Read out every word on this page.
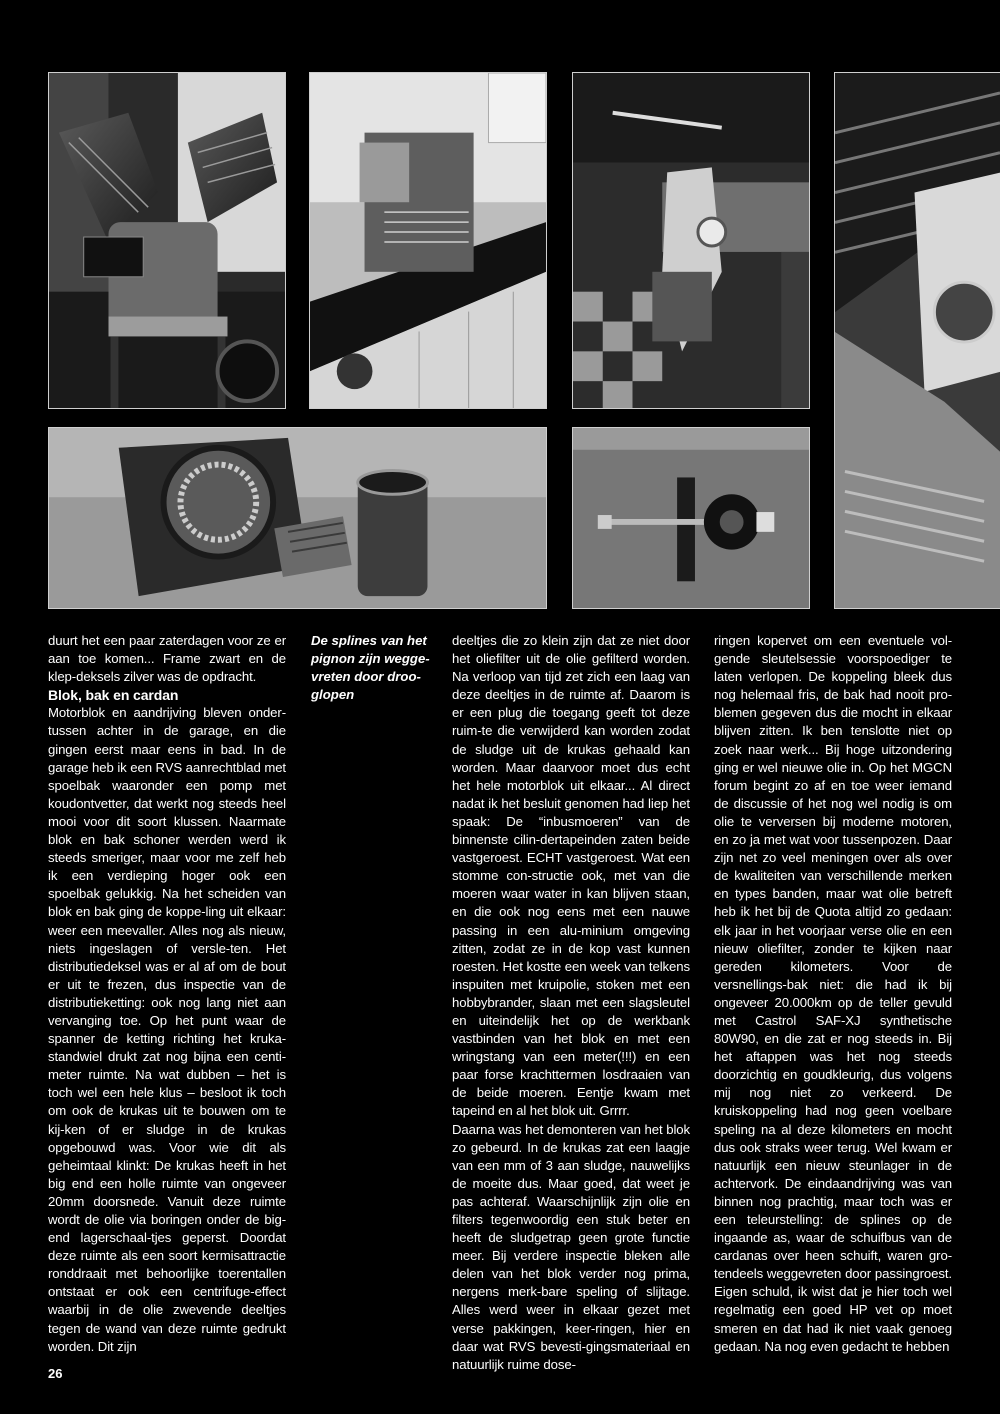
duurt het een paar zaterdagen voor ze er aan toe komen... Frame zwart en de klep-deksels zilver was de opdracht.

Blok, bak en cardan

Motorblok en aandrijving bleven onder-tussen achter in de garage, en die gingen eerst maar eens in bad. In de garage heb ik een RVS aanrechtblad met spoelbak waaronder een pomp met koudontvetter, dat werkt nog steeds heel mooi voor dit soort klussen. Naarmate blok en bak schoner werden werd ik steeds smeriger, maar voor me zelf heb ik een verdieping hoger ook een spoelbak gelukkig. Na het scheiden van blok en bak ging de koppe-ling uit elkaar: weer een meevaller. Alles nog als nieuw, niets ingeslagen of versle-ten. Het distributiedeksel was er al af om de bout er uit te frezen, dus inspectie van de distributieketting: ook nog lang niet aan vervanging toe. Op het punt waar de spanner de ketting richting het kruka-standwiel drukt zat nog bijna een centi-meter ruimte. Na wat dubben – het is toch wel een hele klus – besloot ik toch om ook de krukas uit te bouwen om te kij-ken of er sludge in de krukas opgebouwd was. Voor wie dit als geheimtaal klinkt: De krukas heeft in het big end een holle ruimte van ongeveer 20mm doorsnede. Vanuit deze ruimte wordt de olie via boringen onder de big-end lagerschaal-tjes geperst. Doordat deze ruimte als een soort kermisattractie ronddraait met behoorlijke toerentallen ontstaat er ook een centrifuge-effect waarbij in de olie zwevende deeltjes tegen de wand van deze ruimte gedrukt worden. Dit zijn

De splines van het pignon zijn wegge-vreten door droo-glopen

deeltjes die zo klein zijn dat ze niet door het oliefilter uit de olie gefilterd worden. Na verloop van tijd zet zich een laag van deze deeltjes in de ruimte af. Daarom is er een plug die toegang geeft tot deze ruim-te die verwijderd kan worden zodat de sludge uit de krukas gehaald kan worden. Maar daarvoor moet dus echt het hele motorblok uit elkaar... Al direct nadat ik het besluit genomen had liep het spaak: De “inbusmoeren” van de binnenste cilin-dertapeinden zaten beide vastgeroest. ECHT vastgeroest. Wat een stomme con-structie ook, met van die moeren waar water in kan blijven staan, en die ook nog eens met een nauwe passing in een alu-minium omgeving zitten, zodat ze in de kop vast kunnen roesten. Het kostte een week van telkens inspuiten met kruipolie, stoken met een hobbybrander, slaan met een slagsleutel en uiteindelijk het op de werkbank vastbinden van het blok en met een wringstang van een meter(!!!) en een paar forse krachttermen losdraaien van de beide moeren. Eentje kwam met tapeind en al het blok uit. Grrrr.

Daarna was het demonteren van het blok zo gebeurd. In de krukas zat een laagje van een mm of 3 aan sludge, nauwelijks de moeite dus. Maar goed, dat weet je pas achteraf. Waarschijnlijk zijn olie en filters tegenwoordig een stuk beter en heeft de sludgetrap geen grote functie meer. Bij verdere inspectie bleken alle delen van het blok verder nog prima, nergens merk-bare speling of slijtage. Alles werd weer in elkaar gezet met verse pakkingen, keer-ringen, hier en daar wat RVS bevesti-gingsmateriaal en natuurlijk ruime dose-

ringen kopervet om een eventuele vol-gende sleutelsessie voorspoediger te laten verlopen. De koppeling bleek dus nog helemaal fris, de bak had nooit pro-blemen gegeven dus die mocht in elkaar blijven zitten. Ik ben tenslotte niet op zoek naar werk... Bij hoge uitzondering ging er wel nieuwe olie in. Op het MGCN forum begint zo af en toe weer iemand de discussie of het nog wel nodig is om olie te verversen bij moderne motoren, en zo ja met wat voor tussenpozen. Daar zijn net zo veel meningen over als over de kwaliteiten van verschillende merken en types banden, maar wat olie betreft heb ik het bij de Quota altijd zo gedaan: elk jaar in het voorjaar verse olie en een nieuw oliefilter, zonder te kijken naar gereden kilometers. Voor de versnellings-bak niet: die had ik bij ongeveer 20.000km op de teller gevuld met Castrol SAF-XJ synthetische 80W90, en die zat er nog steeds in. Bij het aftappen was het nog steeds doorzichtig en goudkleurig, dus volgens mij nog niet zo verkeerd. De kruiskoppeling had nog geen voelbare speling na al deze kilometers en mocht dus ook straks weer terug. Wel kwam er natuurlijk een nieuw steunlager in de achtervork. De eindaandrijving was van binnen nog prachtig, maar toch was er een teleurstelling: de splines op de ingaande as, waar de schuifbus van de cardanas over heen schuift, waren gro-tendeels weggevreten door passingroest. Eigen schuld, ik wist dat je hier toch wel regelmatig een goed HP vet op moet smeren en dat had ik niet vaak genoeg gedaan. Na nog even gedacht te hebben

26
